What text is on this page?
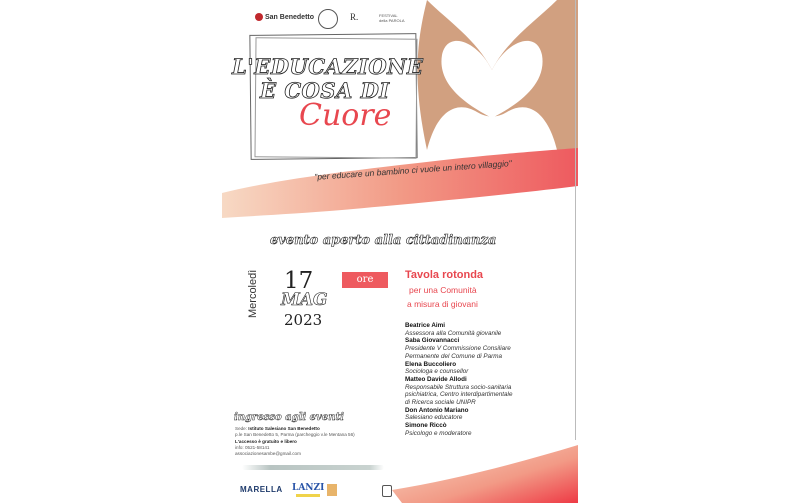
San Benedetto	R.	FESTIVAL della PAROLA
L'EDUCAZIONE
È COSA DI
Cuore
"per educare un bambino ci vuole un intero villaggio"
evento aperto alla cittadinanza
Mercoledì 17
MAG
2023
ore 17.30
Tavola rotonda
per una Comunità
a misura di giovani
Beatrice Aimi
Assessora alla Comunità giovanile
Saba Giovannacci
Presidente V Commissione Consiliare
Permanente del Comune di Parma
Elena Buccoliero
Sociologa e counsellor
Matteo Davide Allodi
Responsabile Struttura socio-sanitaria
psichiatrica, Centro interdipartimentale
di Ricerca sociale UNIPR
Don Antonio Mariano
Salesiano educatore
Simone Riccò
Psicologo e moderatore
ingresso agli eventi
Sede: Istituto Salesiano San Benedetto
p.le San Benedetto 5, Parma (parcheggio v.le Mentana 56)
L'accesso è gratuito e libero
info: 0521-58141
associazionesambe@gmail.com
MARELLA LANZI
